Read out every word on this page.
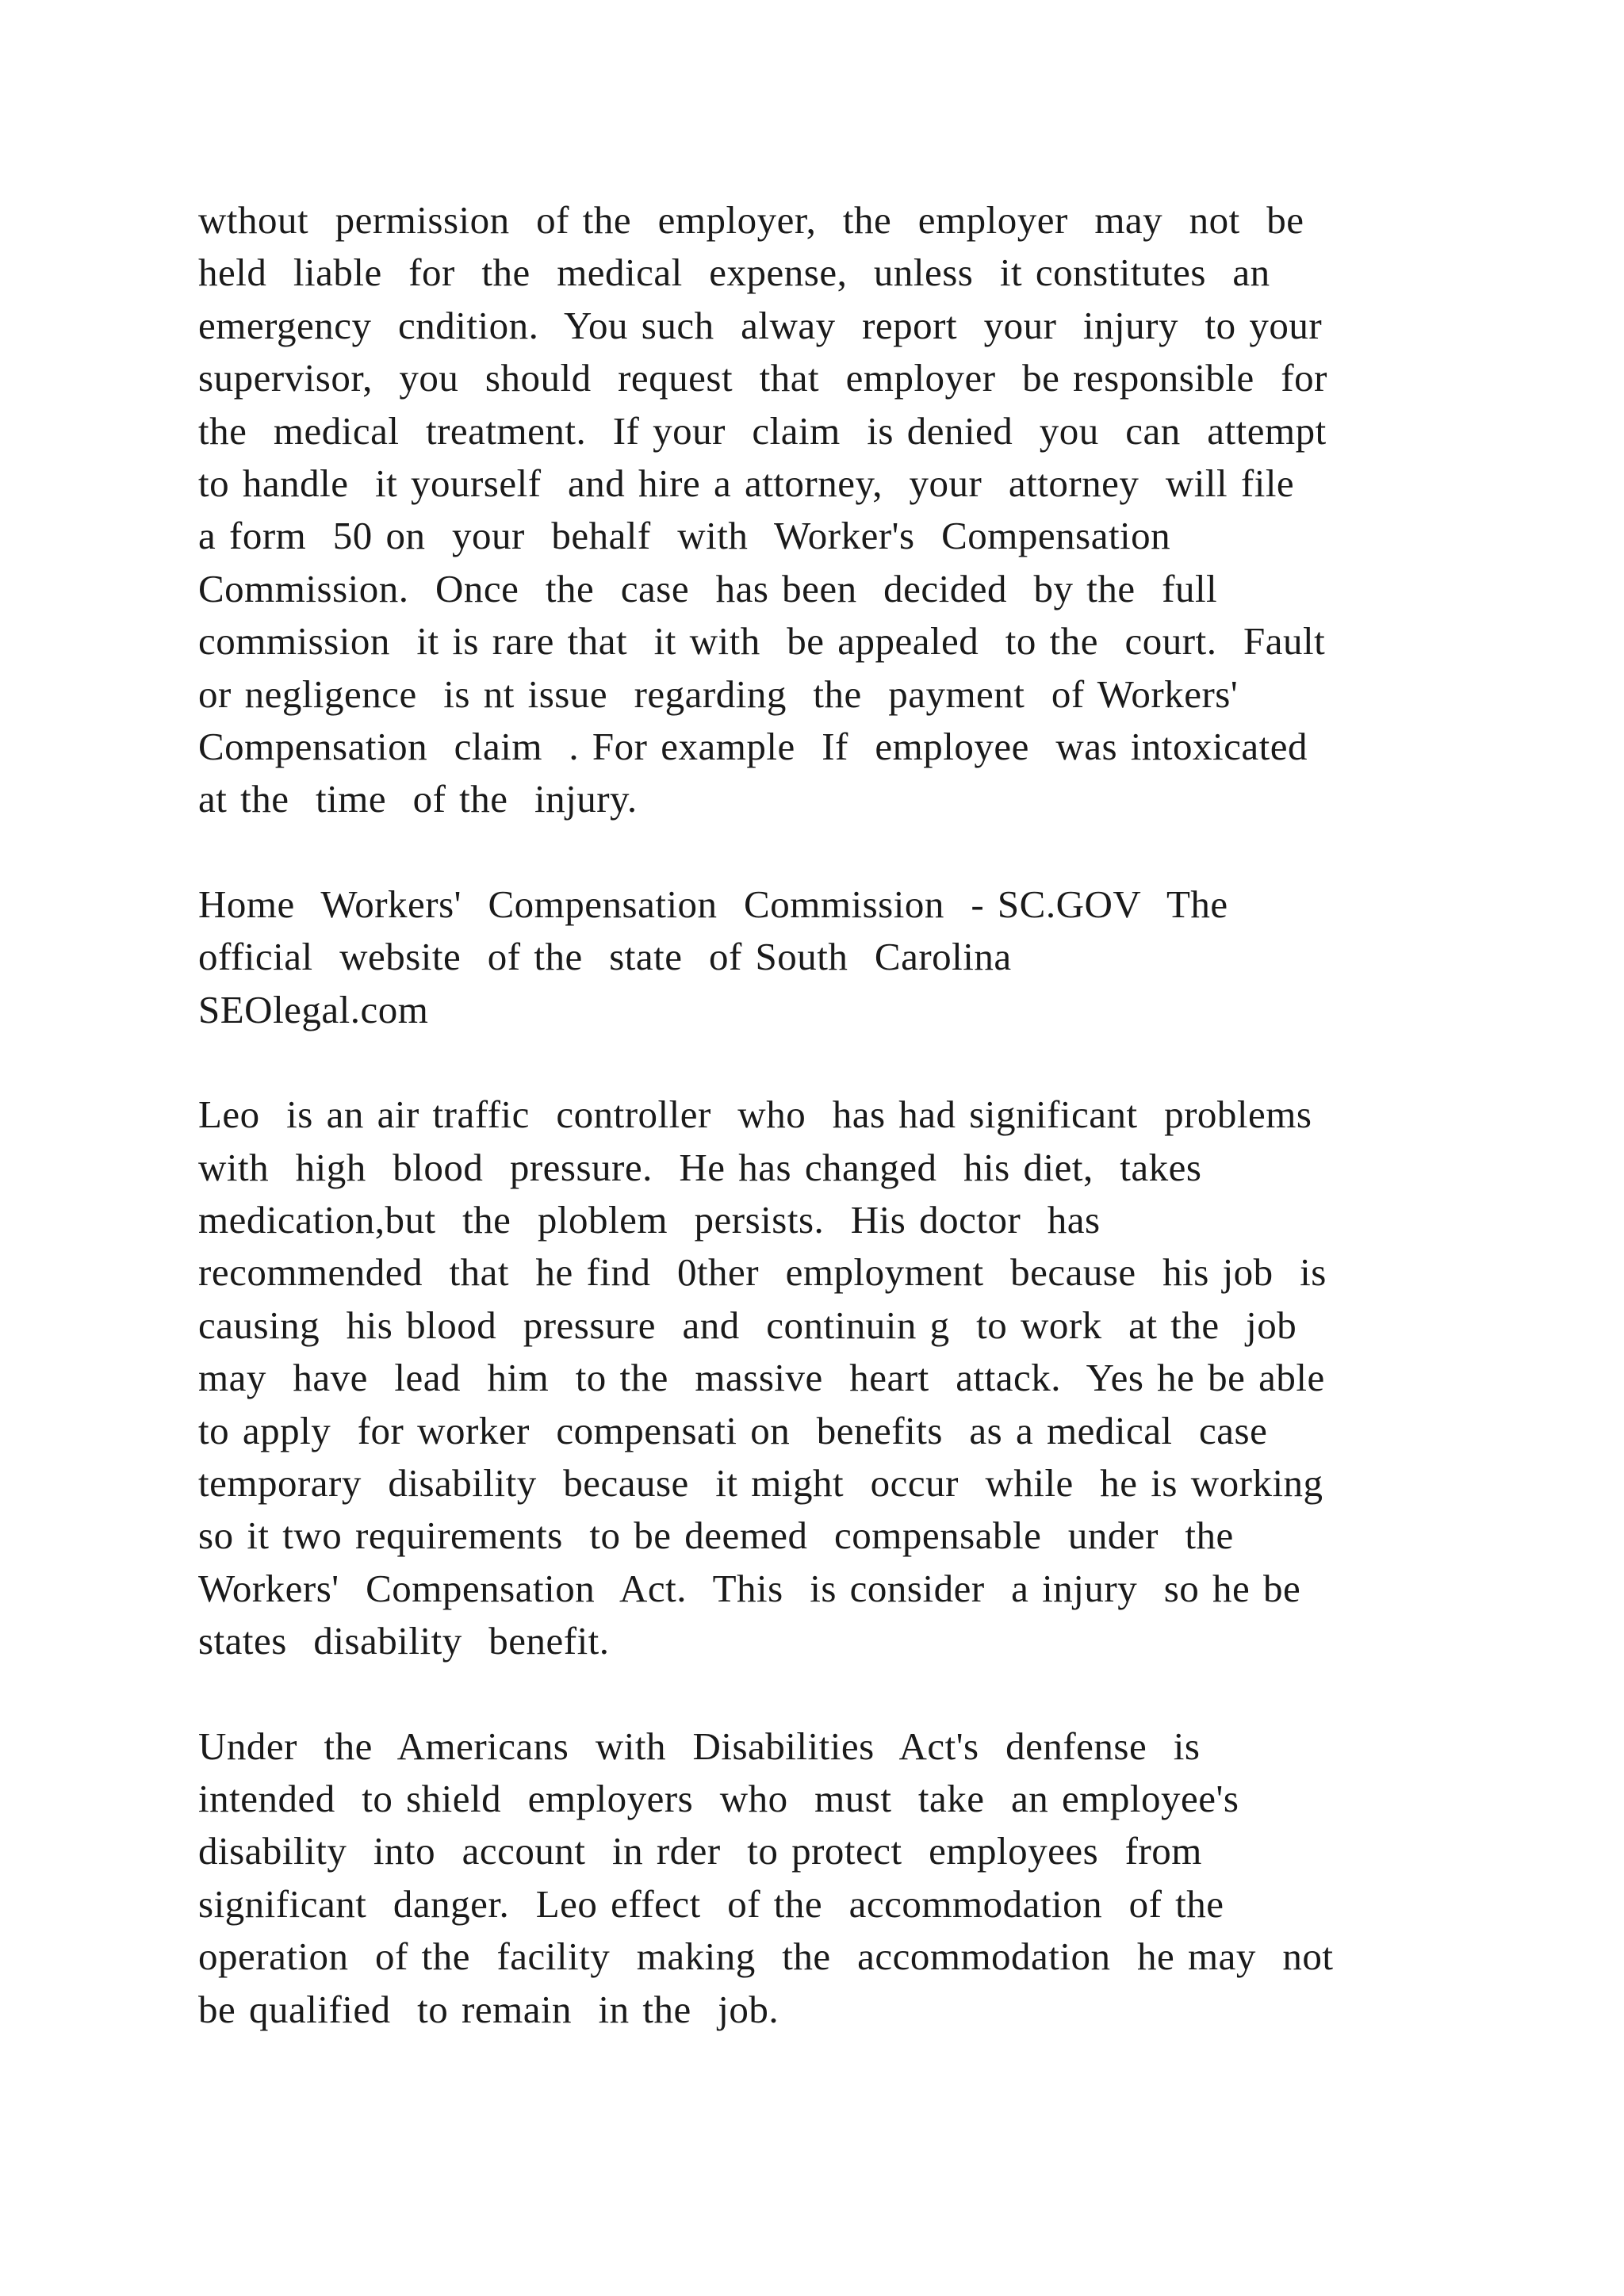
wthout  permission  of the  employer,  the  employer  may  not  be
held  liable  for  the  medical  expense,  unless  it constitutes  an
emergency  cndition.  You such  alway  report  your  injury  to your
supervisor,  you  should  request  that  employer  be responsible  for
the  medical  treatment.  If your  claim  is denied  you  can  attempt
to handle  it yourself  and hire a attorney,  your  attorney  will file
a form  50 on  your  behalf  with  Worker's  Compensation
Commission.  Once  the  case  has been  decided  by the  full
commission  it is rare that  it with  be appealed  to the  court.  Fault
or negligence  is nt issue  regarding  the  payment  of Workers'
Compensation  claim  . For example  If  employee  was intoxicated
at the  time  of the  injury.

Home  Workers'  Compensation  Commission  - SC.GOV  The
official  website  of the  state  of South  Carolina
SEOlegal.com

Leo  is an air traffic  controller  who  has had significant  problems
with  high  blood  pressure.  He has changed  his diet,  takes
medication,but  the  ploblem  persists.  His doctor  has
recommended  that  he find  0ther  employment  because  his job  is
causing  his blood  pressure  and  continuin g  to work  at the  job
may  have  lead  him  to the  massive  heart  attack.  Yes he be able
to apply  for worker  compensati on  benefits  as a medical  case
temporary  disability  because  it might  occur  while  he is working
so it two requirements  to be deemed  compensable  under  the
Workers'  Compensation  Act.  This  is consider  a injury  so he be
states  disability  benefit.

Under  the  Americans  with  Disabilities  Act's  denfense  is
intended  to shield  employers  who  must  take  an employee's
disability  into  account  in rder  to protect  employees  from
significant  danger.  Leo effect  of the  accommodation  of the
operation  of the  facility  making  the  accommodation  he may  not
be qualified  to remain  in the  job.
